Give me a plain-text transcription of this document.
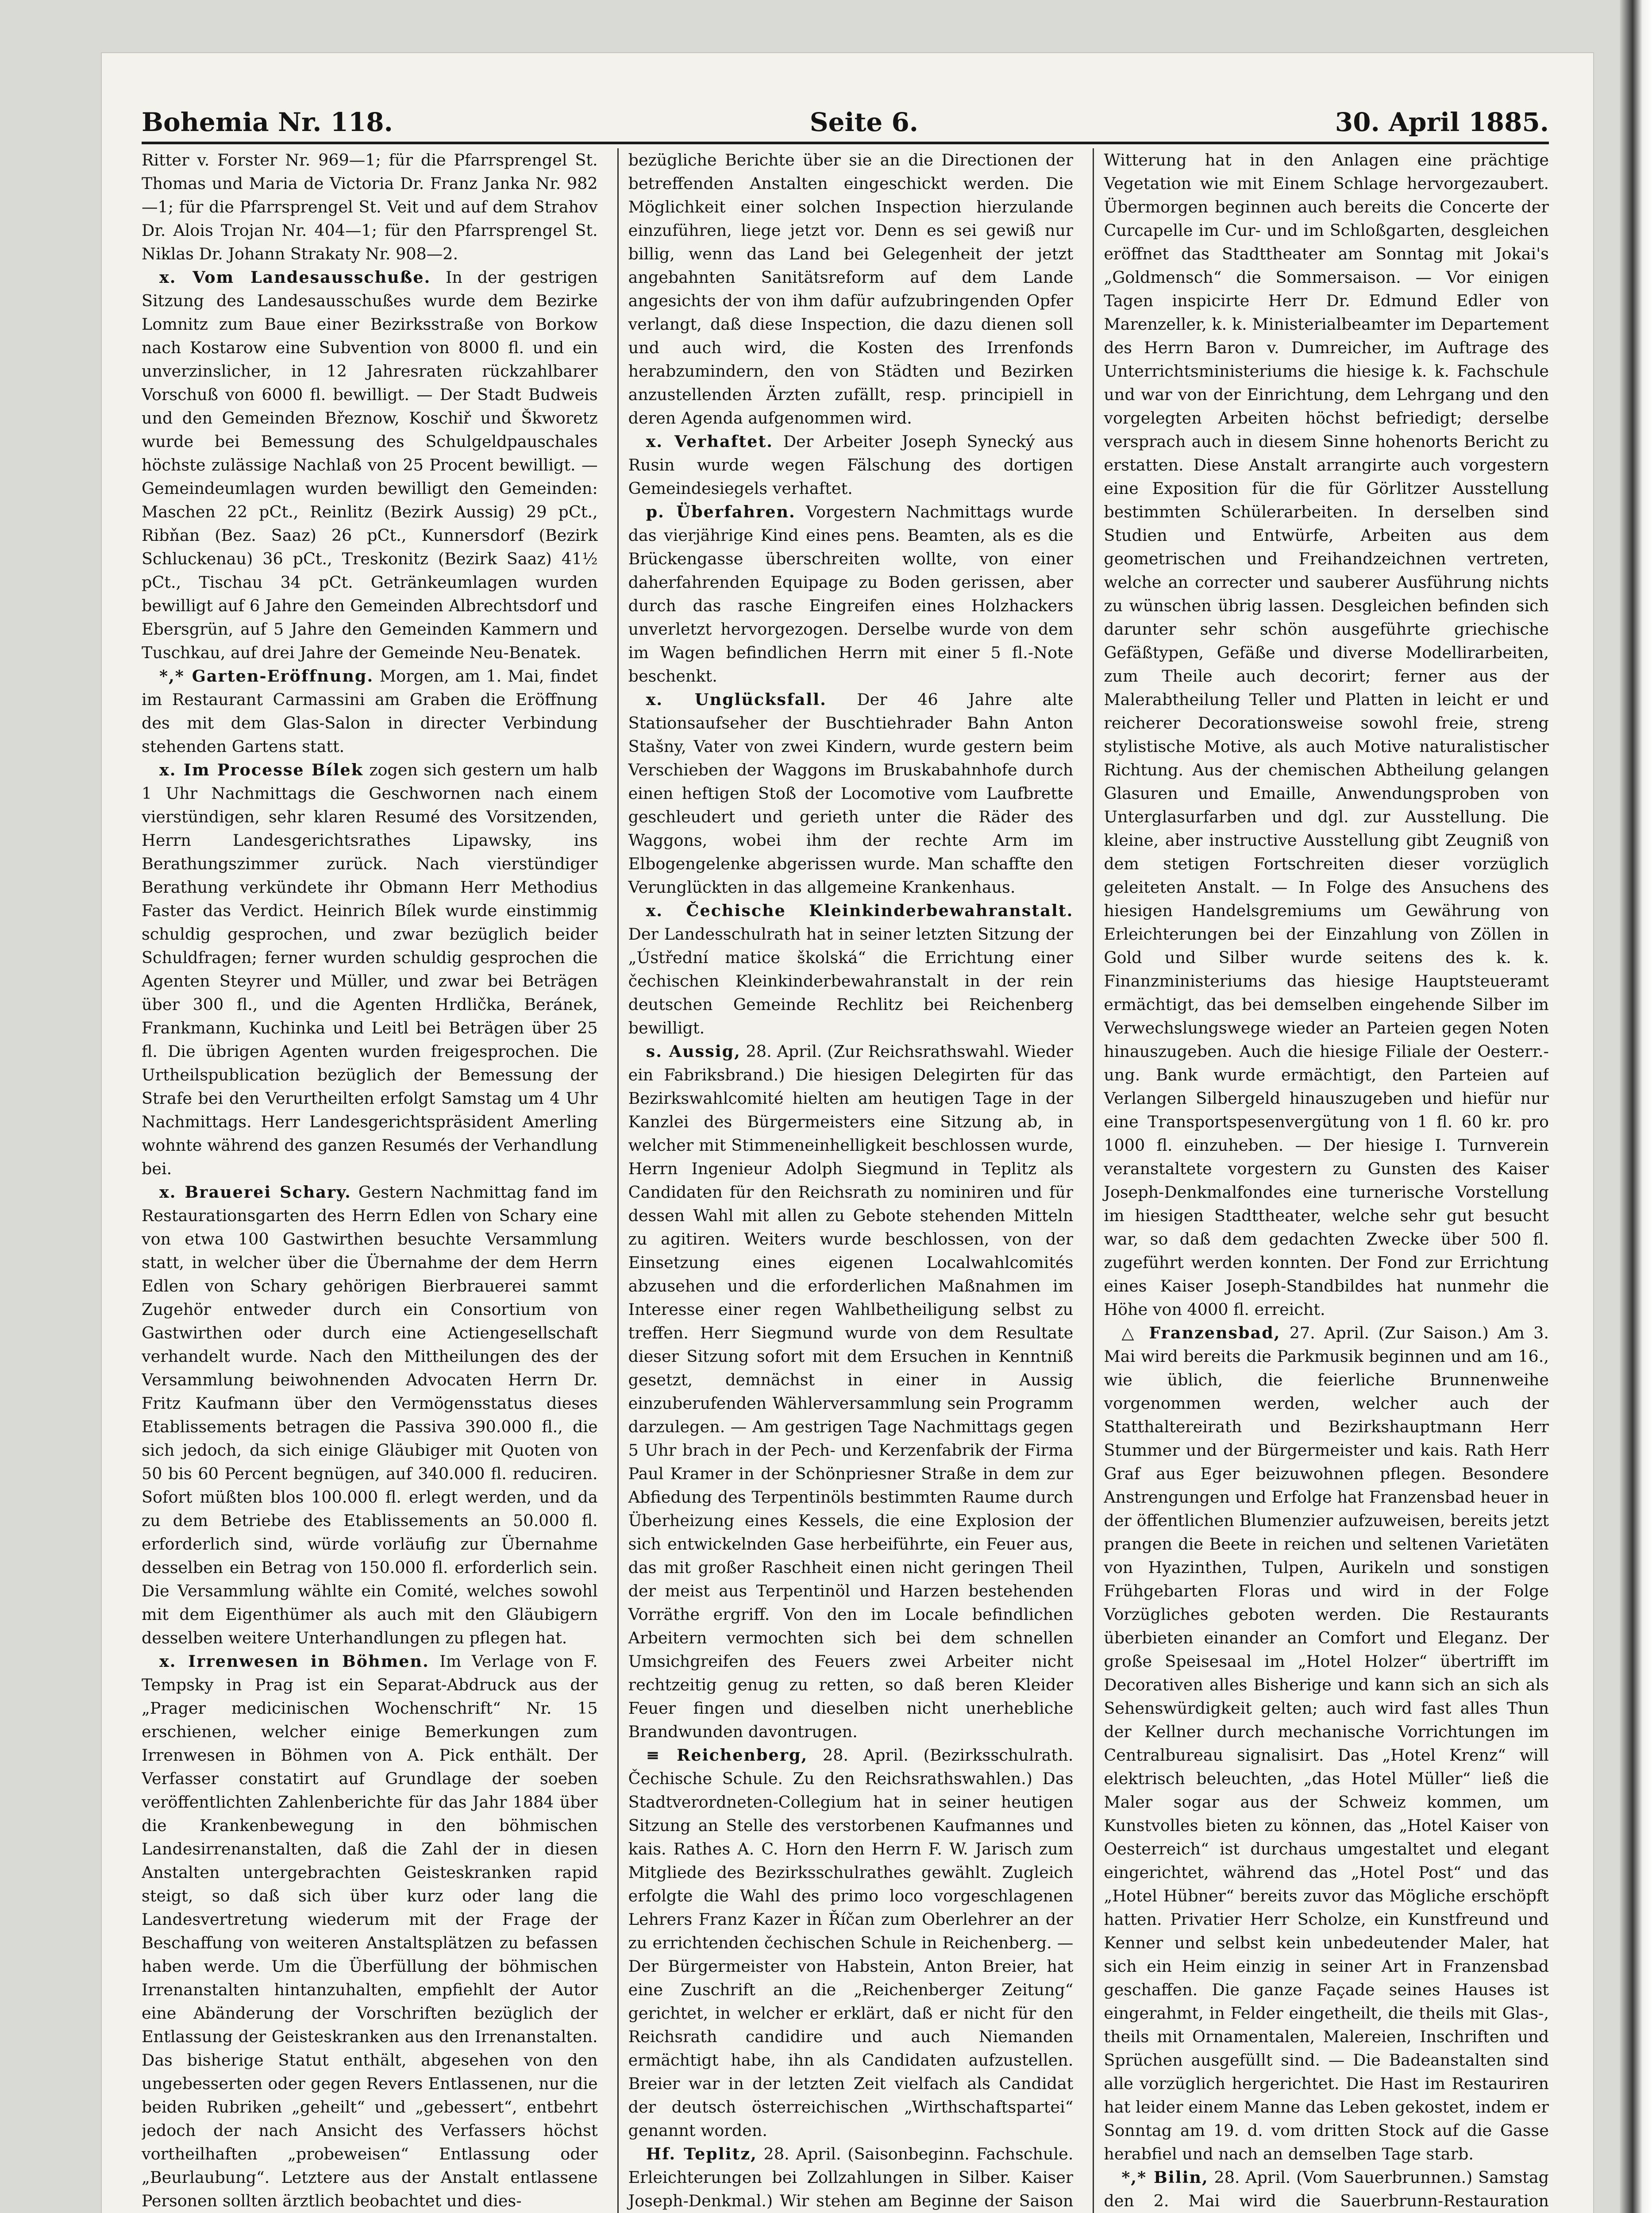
Bohemia Nr. 118.	Seite 6.	30. April 1885.

Ritter v. Forster Nr. 969—1; für die Pfarrsprengel St. Thomas und Maria de Victoria Dr. Franz Janka Nr. 982—1; für die Pfarrsprengel St. Veit und auf dem Strahov Dr. Alois Trojan Nr. 404—1; für den Pfarrsprengel St. Niklas Dr. Johann Strakaty Nr. 908—2.

x. Vom Landesausschuße. In der gestrigen Sitzung des Landesausschußes wurde dem Bezirke Lomnitz zum Baue einer Bezirksstraße von Borkow nach Kostarow eine Subvention von 8000 fl. und ein unverzinslicher, in 12 Jahresraten rückzahlbarer Vorschuß von 6000 fl. bewilligt. — Der Stadt Budweis und den Gemeinden Březnow, Koschiř und Škworetz wurde bei Bemessung des Schulgeldpauschales höchste zulässige Nachlaß von 25 Procent bewilligt. — Gemeindeumlagen wurden bewilligt den Gemeinden: Maschen 22 pCt., Reinlitz (Bezirk Aussig) 29 pCt., Ribňan (Bez. Saaz) 26 pCt., Kunnersdorf (Bezirk Schluckenau) 36 pCt., Treskonitz (Bezirk Saaz) 41½ pCt., Tischau 34 pCt. Getränkeumlagen wurden bewilligt auf 6 Jahre den Gemeinden Albrechtsdorf und Ebersgrün, auf 5 Jahre den Gemeinden Kammern und Tuschkau, auf drei Jahre der Gemeinde Neu-Benatek.

*,* Garten-Eröffnung. Morgen, am 1. Mai, findet im Restaurant Carmassini am Graben die Eröffnung des mit dem Glas-Salon in directer Verbindung stehenden Gartens statt.

x. Im Processe Bílek zogen sich gestern um halb 1 Uhr Nachmittags die Geschwornen nach einem vierstündigen, sehr klaren Resumé des Vorsitzenden, Herrn Landesgerichtsrathes Lipawsky, ins Berathungszimmer zurück. Nach vierstündiger Berathung verkündete ihr Obmann Herr Methodius Faster das Verdict. Heinrich Bílek wurde einstimmig schuldig gesprochen, und zwar bezüglich beider Schuldfragen; ferner wurden schuldig gesprochen die Agenten Steyrer und Müller, und zwar bei Beträgen über 300 fl., und die Agenten Hrdlička, Beránek, Frankmann, Kuchinka und Leitl bei Beträgen über 25 fl. Die übrigen Agenten wurden freigesprochen. Die Urtheilspublication bezüglich der Bemessung der Strafe bei den Verurtheilten erfolgt Samstag um 4 Uhr Nachmittags. Herr Landesgerichtspräsident Amerling wohnte während des ganzen Resumés der Verhandlung bei.

x. Brauerei Schary. Gestern Nachmittag fand im Restaurationsgarten des Herrn Edlen von Schary eine von etwa 100 Gastwirthen besuchte Versammlung statt, in welcher über die Übernahme der dem Herrn Edlen von Schary gehörigen Bierbrauerei sammt Zugehör entweder durch ein Consortium von Gastwirthen oder durch eine Actiengesellschaft verhandelt wurde. Nach den Mittheilungen des der Versammlung beiwohnenden Advocaten Herrn Dr. Fritz Kaufmann über den Vermögensstatus dieses Etablissements betragen die Passiva 390.000 fl., die sich jedoch, da sich einige Gläubiger mit Quoten von 50 bis 60 Percent begnügen, auf 340.000 fl. reduciren. Sofort müßten blos 100.000 fl. erlegt werden, und da zu dem Betriebe des Etablissements an 50.000 fl. erforderlich sind, würde vorläufig zur Übernahme desselben ein Betrag von 150.000 fl. erforderlich sein. Die Versammlung wählte ein Comité, welches sowohl mit dem Eigenthümer als auch mit den Gläubigern desselben weitere Unterhandlungen zu pflegen hat.

x. Irrenwesen in Böhmen. Im Verlage von F. Tempsky in Prag ist ein Separat-Abdruck aus der „Prager medicinischen Wochenschrift“ Nr. 15 erschienen, welcher einige Bemerkungen zum Irrenwesen in Böhmen von A. Pick enthält. Der Verfasser constatirt auf Grundlage der soeben veröffentlichten Zahlenberichte für das Jahr 1884 über die Krankenbewegung in den böhmischen Landesirrenanstalten, daß die Zahl der in diesen Anstalten untergebrachten Geisteskranken rapid steigt, so daß sich über kurz oder lang die Landesvertretung wiederum mit der Frage der Beschaffung von weiteren Anstaltsplätzen zu befassen haben werde. Um die Überfüllung der böhmischen Irrenanstalten hintanzuhalten, empfiehlt der Autor eine Abänderung der Vorschriften bezüglich der Entlassung der Geisteskranken aus den Irrenanstalten. Das bisherige Statut enthält, abgesehen von den ungebesserten oder gegen Revers Entlassenen, nur die beiden Rubriken „geheilt“ und „gebessert“, entbehrt jedoch der nach Ansicht des Verfassers höchst vortheilhaften „probeweisen“ Entlassung oder „Beurlaubung“. Letztere aus der Anstalt entlassene Personen sollten ärztlich beobachtet und dies-

bezügliche Berichte über sie an die Directionen der betreffenden Anstalten eingeschickt werden. Die Möglichkeit einer solchen Inspection hierzulande einzuführen, liege jetzt vor. Denn es sei gewiß nur billig, wenn das Land bei Gelegenheit der jetzt angebahnten Sanitätsreform auf dem Lande angesichts der von ihm dafür aufzubringenden Opfer verlangt, daß diese Inspection, die dazu dienen soll und auch wird, die Kosten des Irrenfonds herabzumindern, den von Städten und Bezirken anzustellenden Ärzten zufällt, resp. principiell in deren Agenda aufgenommen wird.

x. Verhaftet. Der Arbeiter Joseph Synecký aus Rusin wurde wegen Fälschung des dortigen Gemeindesiegels verhaftet.

p. Überfahren. Vorgestern Nachmittags wurde das vierjährige Kind eines pens. Beamten, als es die Brückengasse überschreiten wollte, von einer daherfahrenden Equipage zu Boden gerissen, aber durch das rasche Eingreifen eines Holzhackers unverletzt hervorgezogen. Derselbe wurde von dem im Wagen befindlichen Herrn mit einer 5 fl.-Note beschenkt.

x. Unglücksfall. Der 46 Jahre alte Stationsaufseher der Buschtiehrader Bahn Anton Stašny, Vater von zwei Kindern, wurde gestern beim Verschieben der Waggons im Bruskabahnhofe durch einen heftigen Stoß der Locomotive vom Laufbrette geschleudert und gerieth unter die Räder des Waggons, wobei ihm der rechte Arm im Elbogengelenke abgerissen wurde. Man schaffte den Verunglückten in das allgemeine Krankenhaus.

x. Čechische Kleinkinderbewahranstalt. Der Landesschulrath hat in seiner letzten Sitzung der „Ústřední matice školská“ die Errichtung einer čechischen Kleinkinderbewahranstalt in der rein deutschen Gemeinde Rechlitz bei Reichenberg bewilligt.

s. Aussig, 28. April. (Zur Reichsrathswahl. Wieder ein Fabriksbrand.) Die hiesigen Delegirten für das Bezirkswahlcomité hielten am heutigen Tage in der Kanzlei des Bürgermeisters eine Sitzung ab, in welcher mit Stimmeneinhelligkeit beschlossen wurde, Herrn Ingenieur Adolph Siegmund in Teplitz als Candidaten für den Reichsrath zu nominiren und für dessen Wahl mit allen zu Gebote stehenden Mitteln zu agitiren. Weiters wurde beschlossen, von der Einsetzung eines eigenen Localwahlcomités abzusehen und die erforderlichen Maßnahmen im Interesse einer regen Wahlbetheiligung selbst zu treffen. Herr Siegmund wurde von dem Resultate dieser Sitzung sofort mit dem Ersuchen in Kenntniß gesetzt, demnächst in einer in Aussig einzuberufenden Wählerversammlung sein Programm darzulegen. — Am gestrigen Tage Nachmittags gegen 5 Uhr brach in der Pech- und Kerzenfabrik der Firma Paul Kramer in der Schönpriesner Straße in dem zur Abfiedung des Terpentinöls bestimmten Raume durch Überheizung eines Kessels, die eine Explosion der sich entwickelnden Gase herbeiführte, ein Feuer aus, das mit großer Raschheit einen nicht geringen Theil der meist aus Terpentinöl und Harzen bestehenden Vorräthe ergriff. Von den im Locale befindlichen Arbeitern vermochten sich bei dem schnellen Umsichgreifen des Feuers zwei Arbeiter nicht rechtzeitig genug zu retten, so daß beren Kleider Feuer fingen und dieselben nicht unerhebliche Brandwunden davontrugen.

≡ Reichenberg, 28. April. (Bezirksschulrath. Čechische Schule. Zu den Reichsrathswahlen.) Das Stadtverordneten-Collegium hat in seiner heutigen Sitzung an Stelle des verstorbenen Kaufmannes und kais. Rathes A. C. Horn den Herrn F. W. Jarisch zum Mitgliede des Bezirksschulrathes gewählt. Zugleich erfolgte die Wahl des primo loco vorgeschlagenen Lehrers Franz Kazer in Říčan zum Oberlehrer an der zu errichtenden čechischen Schule in Reichenberg. — Der Bürgermeister von Habstein, Anton Breier, hat eine Zuschrift an die „Reichenberger Zeitung“ gerichtet, in welcher er erklärt, daß er nicht für den Reichsrath candidire und auch Niemanden ermächtigt habe, ihn als Candidaten aufzustellen. Breier war in der letzten Zeit vielfach als Candidat der deutsch österreichischen „Wirthschaftspartei“ genannt worden.

Hf. Teplitz, 28. April. (Saisonbeginn. Fachschule. Erleichterungen bei Zollzahlungen in Silber. Kaiser Joseph-Denkmal.) Wir stehen am Beginne der Saison

Witterung hat in den Anlagen eine prächtige Vegetation wie mit Einem Schlage hervorgezaubert. Übermorgen beginnen auch bereits die Concerte der Curcapelle im Cur- und im Schloßgarten, desgleichen eröffnet das Stadttheater am Sonntag mit Jokai's „Goldmensch“ die Sommersaison. — Vor einigen Tagen inspicirte Herr Dr. Edmund Edler von Marenzeller, k. k. Ministerialbeamter im Departement des Herrn Baron v. Dumreicher, im Auftrage des Unterrichtsministeriums die hiesige k. k. Fachschule und war von der Einrichtung, dem Lehrgang und den vorgelegten Arbeiten höchst befriedigt; derselbe versprach auch in diesem Sinne hohenorts Bericht zu erstatten. Diese Anstalt arrangirte auch vorgestern eine Exposition für die für Görlitzer Ausstellung bestimmten Schülerarbeiten. In derselben sind Studien und Entwürfe, Arbeiten aus dem geometrischen und Freihandzeichnen vertreten, welche an correcter und sauberer Ausführung nichts zu wünschen übrig lassen. Desgleichen befinden sich darunter sehr schön ausgeführte griechische Gefäßtypen, Gefäße und diverse Modellirarbeiten, zum Theile auch decorirt; ferner aus der Malerabtheilung Teller und Platten in leicht er und reicherer Decorationsweise sowohl freie, streng stylistische Motive, als auch Motive naturalistischer Richtung. Aus der chemischen Abtheilung gelangen Glasuren und Emaille, Anwendungsproben von Unterglasurfarben und dgl. zur Ausstellung. Die kleine, aber instructive Ausstellung gibt Zeugniß von dem stetigen Fortschreiten dieser vorzüglich geleiteten Anstalt. — In Folge des Ansuchens des hiesigen Handelsgremiums um Gewährung von Erleichterungen bei der Einzahlung von Zöllen in Gold und Silber wurde seitens des k. k. Finanzministeriums das hiesige Hauptsteueramt ermächtigt, das bei demselben eingehende Silber im Verwechslungswege wieder an Parteien gegen Noten hinauszugeben. Auch die hiesige Filiale der Oesterr.-ung. Bank wurde ermächtigt, den Parteien auf Verlangen Silbergeld hinauszugeben und hiefür nur eine Transportspesenvergütung von 1 fl. 60 kr. pro 1000 fl. einzuheben. — Der hiesige I. Turnverein veranstaltete vorgestern zu Gunsten des Kaiser Joseph-Denkmalfondes eine turnerische Vorstellung im hiesigen Stadttheater, welche sehr gut besucht war, so daß dem gedachten Zwecke über 500 fl. zugeführt werden konnten. Der Fond zur Errichtung eines Kaiser Joseph-Standbildes hat nunmehr die Höhe von 4000 fl. erreicht.

△ Franzensbad, 27. April. (Zur Saison.) Am 3. Mai wird bereits die Parkmusik beginnen und am 16., wie üblich, die feierliche Brunnenweihe vorgenommen werden, welcher auch der Statthaltereirath und Bezirkshauptmann Herr Stummer und der Bürgermeister und kais. Rath Herr Graf aus Eger beizuwohnen pflegen. Besondere Anstrengungen und Erfolge hat Franzensbad heuer in der öffentlichen Blumenzier aufzuweisen, bereits jetzt prangen die Beete in reichen und seltenen Varietäten von Hyazinthen, Tulpen, Aurikeln und sonstigen Frühgebarten Floras und wird in der Folge Vorzügliches geboten werden. Die Restaurants überbieten einander an Comfort und Eleganz. Der große Speisesaal im „Hotel Holzer“ übertrifft im Decorativen alles Bisherige und kann sich an sich als Sehenswürdigkeit gelten; auch wird fast alles Thun der Kellner durch mechanische Vorrichtungen im Centralbureau signalisirt. Das „Hotel Krenz“ will elektrisch beleuchten, „das Hotel Müller“ ließ die Maler sogar aus der Schweiz kommen, um Kunstvolles bieten zu können, das „Hotel Kaiser von Oesterreich“ ist durchaus umgestaltet und elegant eingerichtet, während das „Hotel Post“ und das „Hotel Hübner“ bereits zuvor das Mögliche erschöpft hatten. Privatier Herr Scholze, ein Kunstfreund und Kenner und selbst kein unbedeutender Maler, hat sich ein Heim einzig in seiner Art in Franzensbad geschaffen. Die ganze Façade seines Hauses ist eingerahmt, in Felder eingetheilt, die theils mit Glas-, theils mit Ornamentalen, Malereien, Inschriften und Sprüchen ausgefüllt sind. — Die Badeanstalten sind alle vorzüglich hergerichtet. Die Hast im Restauriren hat leider einem Manne das Leben gekostet, indem er Sonntag am 19. d. vom dritten Stock auf die Gasse herabfiel und nach an demselben Tage starb.

*,* Bilin, 28. April. (Vom Sauerbrunnen.) Samstag den 2. Mai wird die Sauerbrunn-Restauration
